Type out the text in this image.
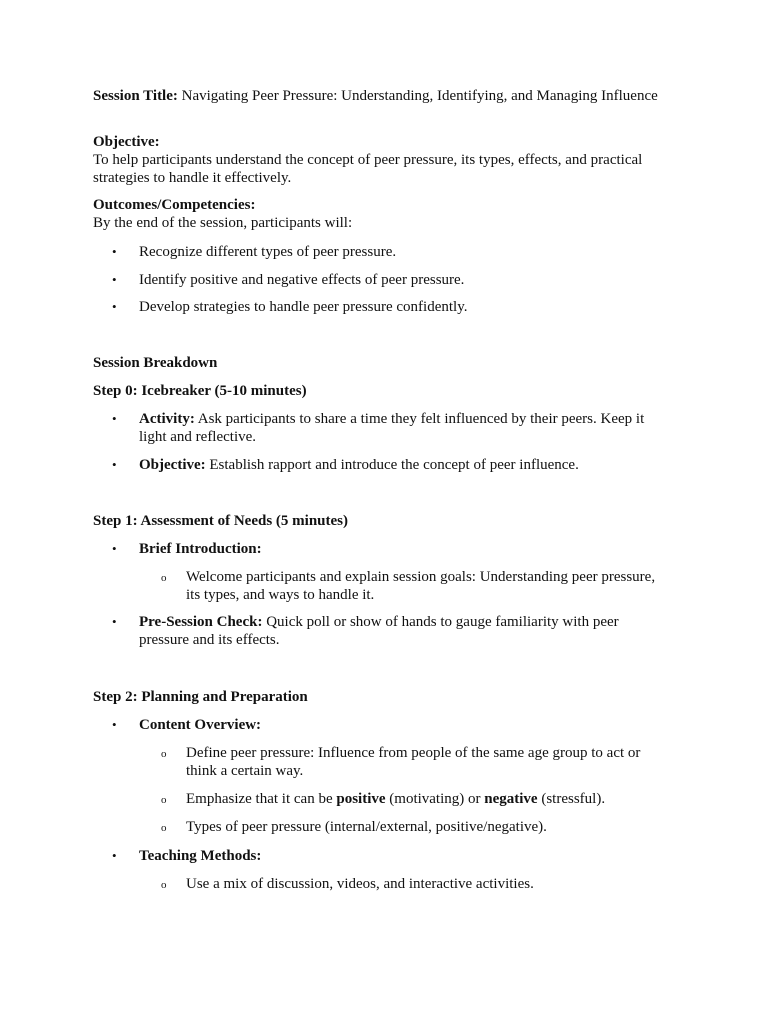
Session Title: Navigating Peer Pressure: Understanding, Identifying, and Managing Influence

Objective:

To help participants understand the concept of peer pressure, its types, effects, and practical strategies to handle it effectively.

Outcomes/Competencies:

By the end of the session, participants will:

• Recognize different types of peer pressure.
• Identify positive and negative effects of peer pressure.
• Develop strategies to handle peer pressure confidently.

Session Breakdown

Step 0: Icebreaker (5-10 minutes)

• Activity: Ask participants to share a time they felt influenced by their peers. Keep it light and reflective.
• Objective: Establish rapport and introduce the concept of peer influence.

Step 1: Assessment of Needs (5 minutes)

• Brief Introduction:
o Welcome participants and explain session goals: Understanding peer pressure, its types, and ways to handle it.
• Pre-Session Check: Quick poll or show of hands to gauge familiarity with peer pressure and its effects.

Step 2: Planning and Preparation

• Content Overview:
o Define peer pressure: Influence from people of the same age group to act or think a certain way.
o Emphasize that it can be positive (motivating) or negative (stressful).
o Types of peer pressure (internal/external, positive/negative).
• Teaching Methods:
o Use a mix of discussion, videos, and interactive activities.
